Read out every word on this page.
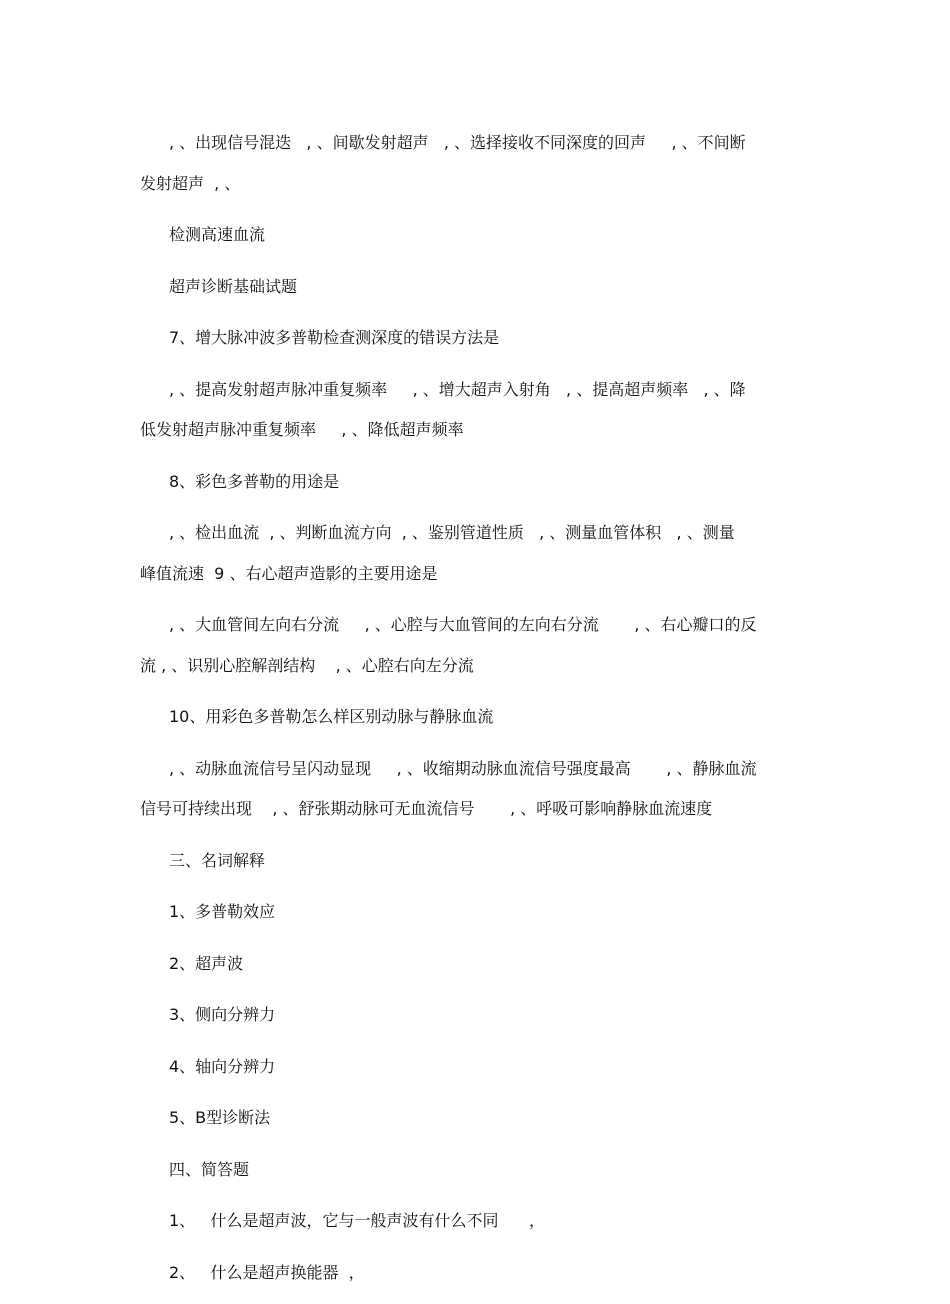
, 、出现信号混迭   , 、间歇发射超声   , 、选择接收不同深度的回声     , 、不间断
发射超声  , 、
检测高速血流
超声诊断基础试题
7、增大脉冲波多普勒检查测深度的错误方法是
, 、提高发射超声脉冲重复频率     , 、增大超声入射角   , 、提高超声频率   , 、降
低发射超声脉冲重复频率     , 、降低超声频率
8、彩色多普勒的用途是
, 、检出血流  , 、判断血流方向  , 、鉴别管道性质   , 、测量血管体积   , 、测量
峰值流速  9 、右心超声造影的主要用途是
, 、大血管间左向右分流     , 、心腔与大血管间的左向右分流       , 、右心瓣口的反
流 , 、识别心腔解剖结构    , 、心腔右向左分流
10、用彩色多普勒怎么样区别动脉与静脉血流
, 、动脉血流信号呈闪动显现     , 、收缩期动脉血流信号强度最高       , 、静脉血流
信号可持续出现    , 、舒张期动脉可无血流信号       , 、呼吸可影响静脉血流速度
三、名词解释
1、多普勒效应
2、超声波
3、侧向分辨力
4、轴向分辨力
5、B型诊断法
四、简答题
1、   什么是超声波，它与一般声波有什么不同      ，
2、   什么是超声换能器  ，
